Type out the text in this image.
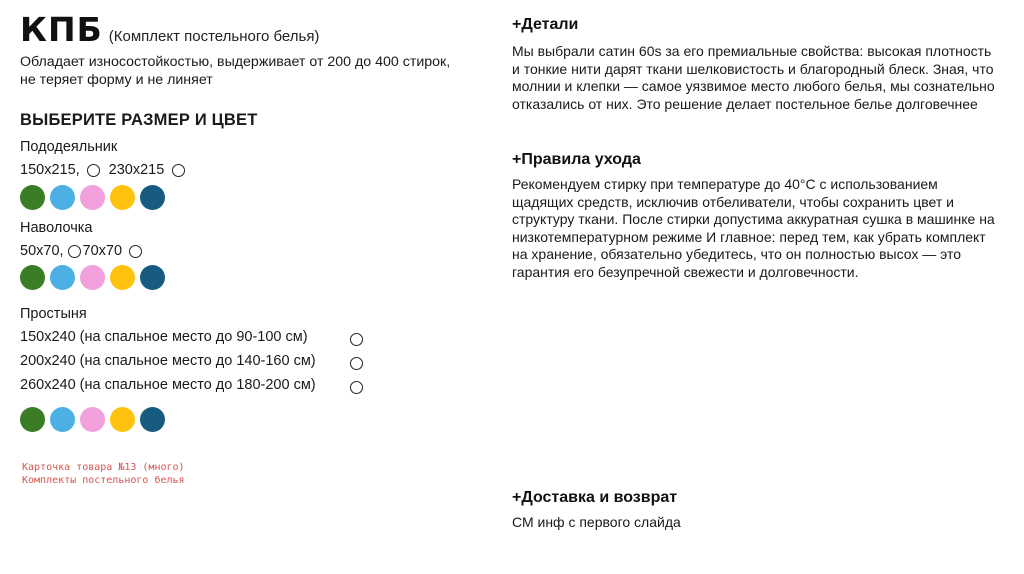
КПБ (Комплект постельного белья)
Обладает износостойкостью, выдерживает от 200 до 400 стирок, не теряет форму и не линяет
ВЫБЕРИТЕ РАЗМЕР И ЦВЕТ
Пододеяльник
150x215, 230x215
Наволочка
50x70, 70x70
Простыня
150x240 (на спальное место до 90-100 см)
200x240 (на спальное место до 140-160 см)
260x240 (на спальное место до 180-200 см)
Карточка товара №13 (много)
Комплекты постельного белья
+Детали
Мы выбрали сатин 60s за его премиальные свойства: высокая плотность и тонкие нити дарят ткани шелковистость и благородный блеск. Зная, что молнии и клепки — самое уязвимое место любого белья, мы сознательно отказались от них. Это решение делает постельное белье долговечнее
+Правила ухода
Рекомендуем стирку при температуре до 40°С с использованием щадящих средств, исключив отбеливатели, чтобы сохранить цвет и структуру ткани. После стирки допустима аккуратная сушка в машинке на низкотемпературном режиме И главное: перед тем, как убрать комплект на хранение, обязательно убедитесь, что он полностью высох — это гарантия его безупречной свежести и долговечности.
+Доставка и возврат
СМ инф с первого слайда
